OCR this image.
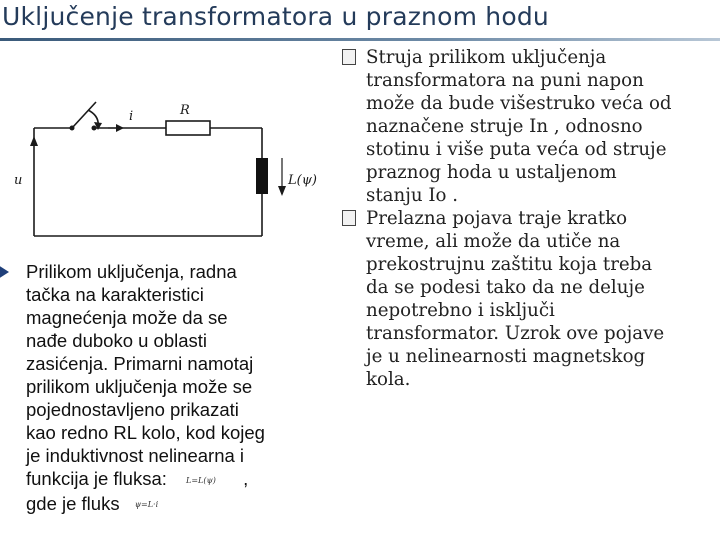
Uključenje transformatora u praznom hodu
i	R
u	L(ψ)
Prilikom uključenja, radna
tačka na karakteristici
magnećenja može da se
nađe duboko u oblasti
zasićenja. Primarni namotaj
prilikom uključenja može se
pojednostavljeno prikazati
kao redno RL kolo, kod kojeg
je induktivnost nelinearna i
funkcija je fluksa: L=L(ψ) ,
gde je fluks ψ=L·i
Struja prilikom uključenja
transformatora na puni napon
može da bude višestruko veća od
naznačene struje In , odnosno
stotinu i više puta veća od struje
praznog hoda u ustaljenom
stanju Io .
Prelazna pojava traje kratko
vreme, ali može da utiče na
prekostrujnu zaštitu koja treba
da se podesi tako da ne deluje
nepotrebno i isključi
transformator. Uzrok ove pojave
je u nelinearnosti magnetskog
kola.
